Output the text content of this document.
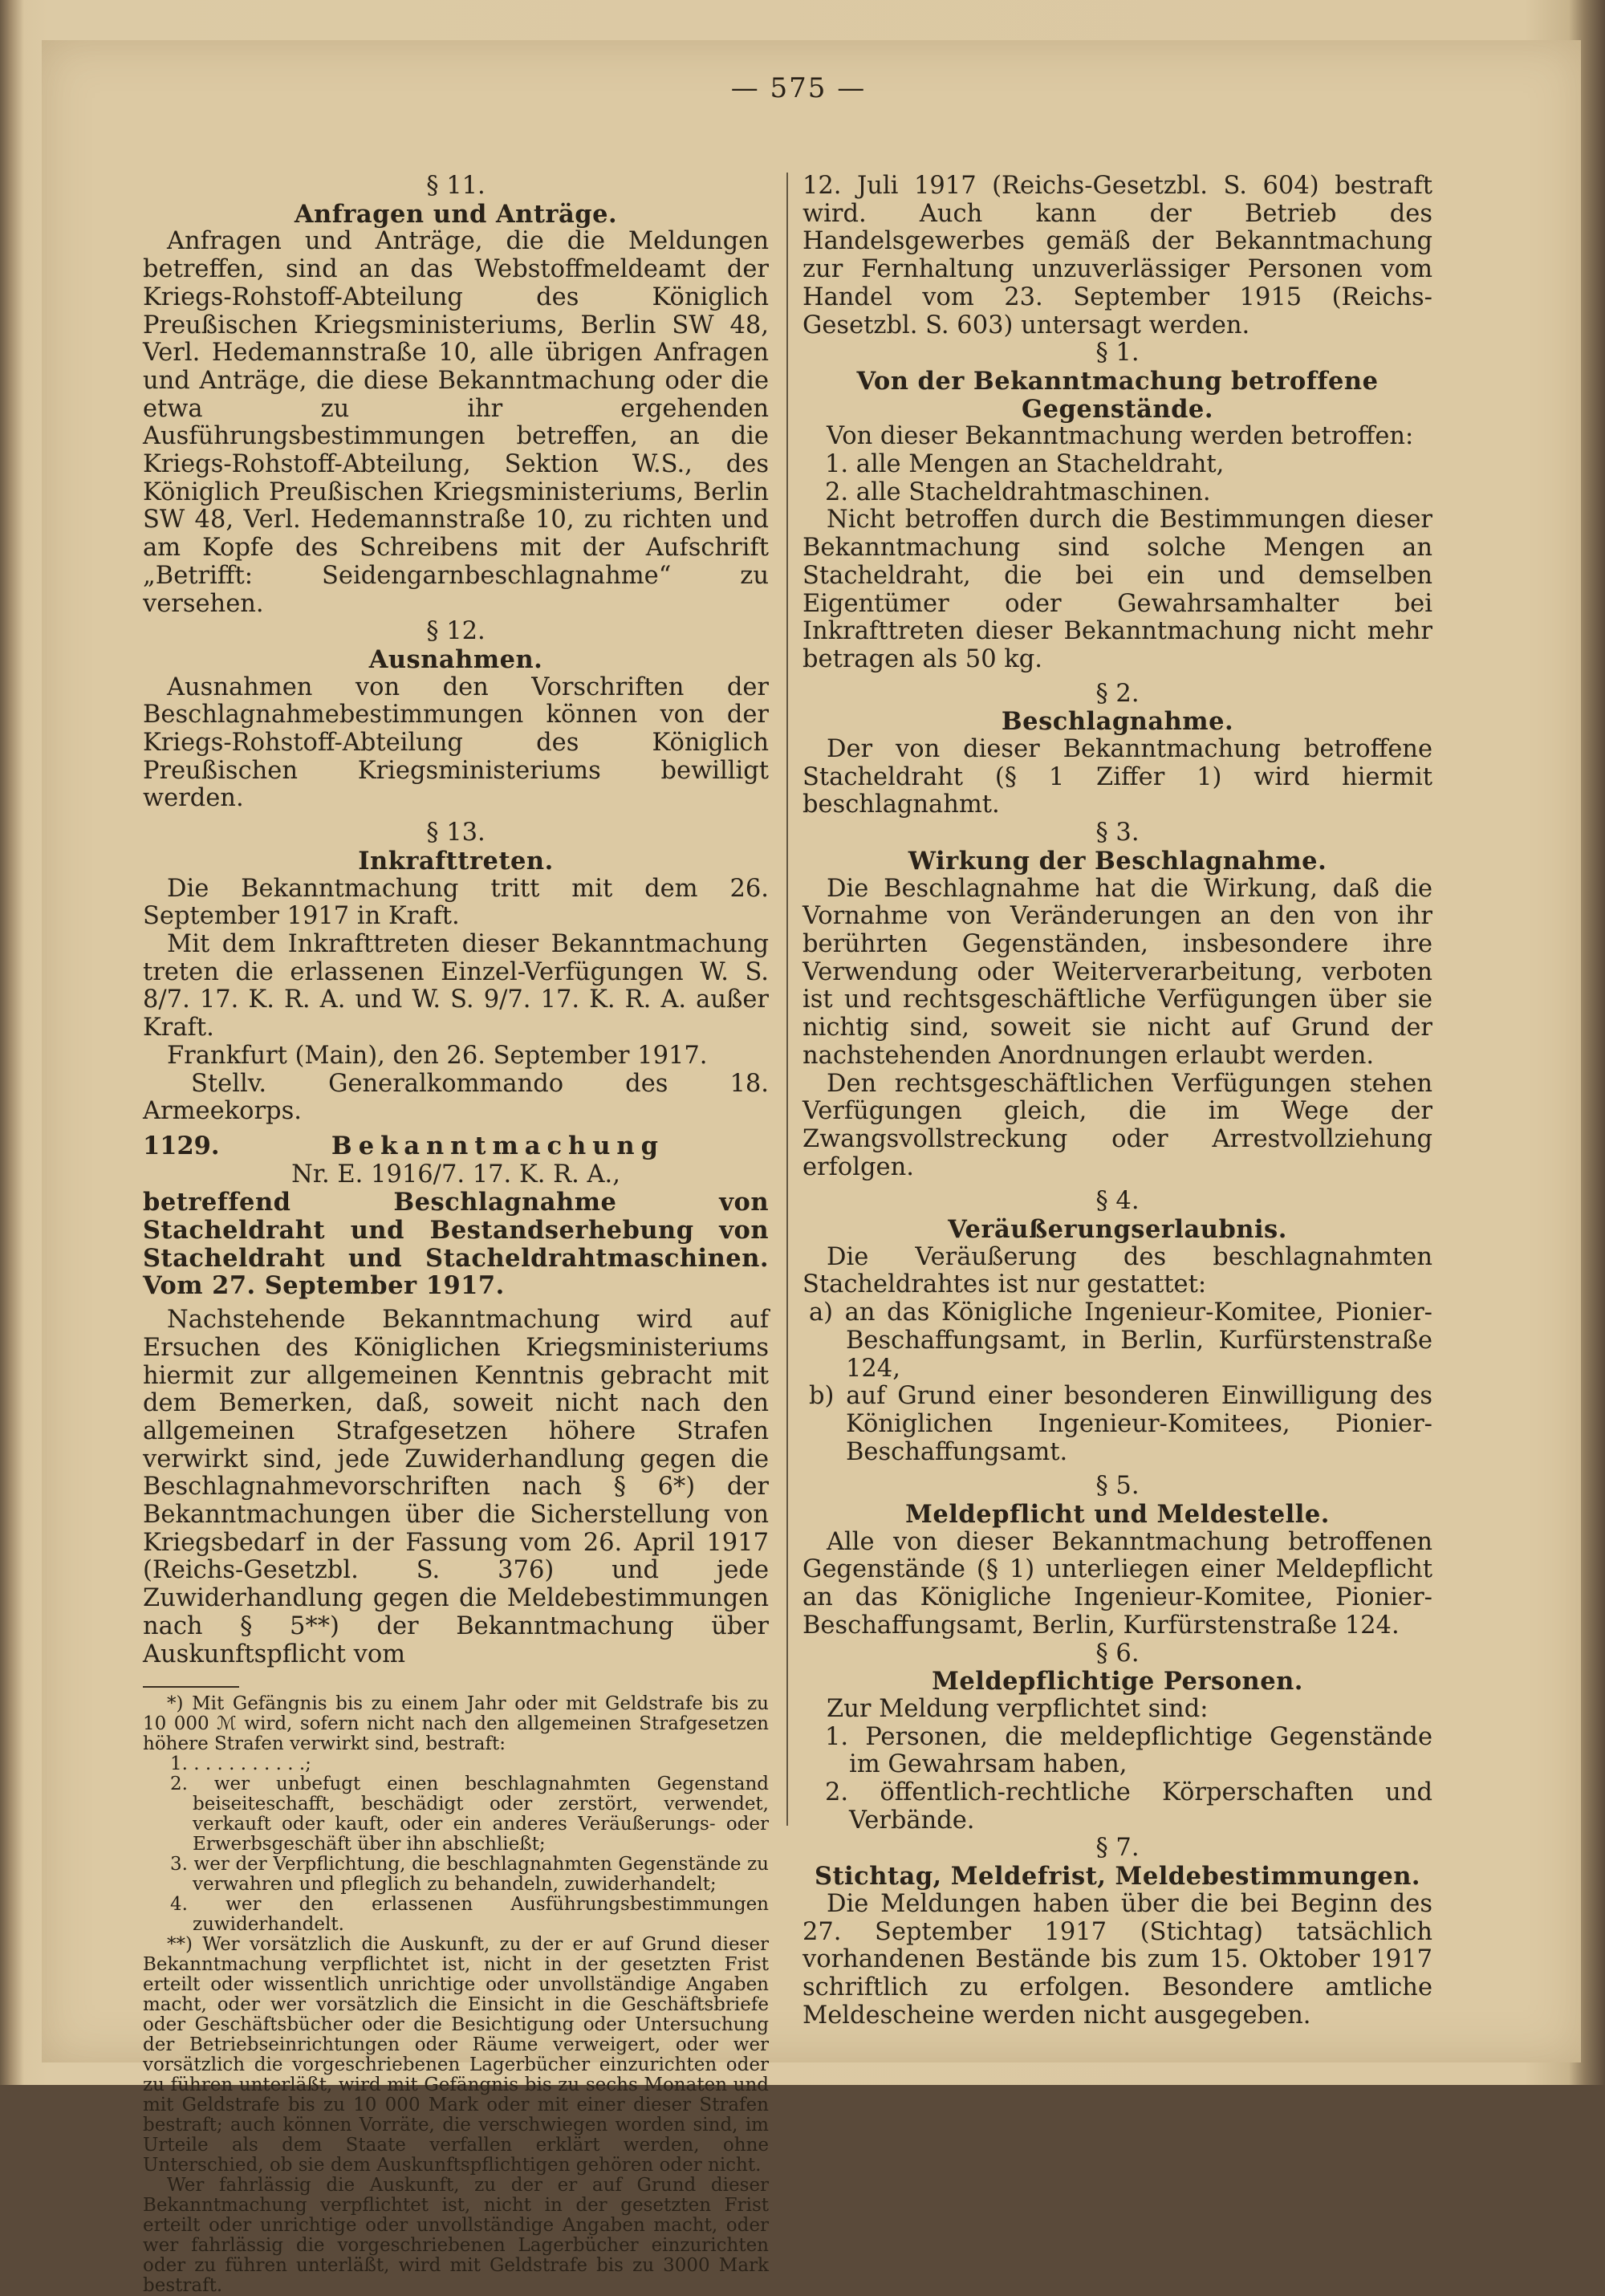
— 575 —

§ 11.

Anfragen und Anträge.

Anfragen und Anträge, die die Meldungen betreffen, sind an das Webstoffmeldeamt der Kriegs-Rohstoff-Abteilung des Königlich Preußischen Kriegsministeriums, Berlin SW 48, Verl. Hedemannstraße 10, alle übrigen Anfragen und Anträge, die diese Bekanntmachung oder die etwa zu ihr ergehenden Ausführungsbestimmungen betreffen, an die Kriegs-Rohstoff-Abteilung, Sektion W.S., des Königlich Preußischen Kriegsministeriums, Berlin SW 48, Verl. Hedemannstraße 10, zu richten und am Kopfe des Schreibens mit der Aufschrift „Betrifft: Seidengarnbeschlagnahme“ zu versehen.

§ 12.

Ausnahmen.

Ausnahmen von den Vorschriften der Beschlagnahmebestimmungen können von der Kriegs-Rohstoff-Abteilung des Königlich Preußischen Kriegsministeriums bewilligt werden.

§ 13.

Inkrafttreten.

Die Bekanntmachung tritt mit dem 26. September 1917 in Kraft.

Mit dem Inkrafttreten dieser Bekanntmachung treten die erlassenen Einzel-Verfügungen W. S. 8/7. 17. K. R. A. und W. S. 9/7. 17. K. R. A. außer Kraft.

Frankfurt (Main), den 26. September 1917.

Stellv. Generalkommando des 18. Armeekorps.

1129.	Bekanntmachung

Nr. E. 1916/7. 17. K. R. A.,

betreffend Beschlagnahme von Stacheldraht und Bestandserhebung von Stacheldraht und Stacheldrahtmaschinen. Vom 27. September 1917.

Nachstehende Bekanntmachung wird auf Ersuchen des Königlichen Kriegsministeriums hiermit zur allgemeinen Kenntnis gebracht mit dem Bemerken, daß, soweit nicht nach den allgemeinen Strafgesetzen höhere Strafen verwirkt sind, jede Zuwiderhandlung gegen die Beschlagnahmevorschriften nach § 6*) der Bekanntmachungen über die Sicherstellung von Kriegsbedarf in der Fassung vom 26. April 1917 (Reichs-Gesetzbl. S. 376) und jede Zuwiderhandlung gegen die Meldebestimmungen nach § 5**) der Bekanntmachung über Auskunftspflicht vom

*) Mit Gefängnis bis zu einem Jahr oder mit Geldstrafe bis zu 10 000 ℳ wird, sofern nicht nach den allgemeinen Strafgesetzen höhere Strafen verwirkt sind, bestraft:

1. . . . . . . . . . .;

2. wer unbefugt einen beschlagnahmten Gegenstand beiseiteschafft, beschädigt oder zerstört, verwendet, verkauft oder kauft, oder ein anderes Veräußerungs- oder Erwerbsgeschäft über ihn abschließt;

3. wer der Verpflichtung, die beschlagnahmten Gegenstände zu verwahren und pfleglich zu behandeln, zuwiderhandelt;

4. wer den erlassenen Ausführungsbestimmungen zuwiderhandelt.

**) Wer vorsätzlich die Auskunft, zu der er auf Grund dieser Bekanntmachung verpflichtet ist, nicht in der gesetzten Frist erteilt oder wissentlich unrichtige oder unvollständige Angaben macht, oder wer vorsätzlich die Einsicht in die Geschäftsbriefe oder Geschäftsbücher oder die Besichtigung oder Untersuchung der Betriebseinrichtungen oder Räume verweigert, oder wer vorsätzlich die vorgeschriebenen Lagerbücher einzurichten oder zu führen unterläßt, wird mit Gefängnis bis zu sechs Monaten und mit Geldstrafe bis zu 10 000 Mark oder mit einer dieser Strafen bestraft; auch können Vorräte, die verschwiegen worden sind, im Urteile als dem Staate verfallen erklärt werden, ohne Unterschied, ob sie dem Auskunftspflichtigen gehören oder nicht.

Wer fahrlässig die Auskunft, zu der er auf Grund dieser Bekanntmachung verpflichtet ist, nicht in der gesetzten Frist erteilt oder unrichtige oder unvollständige Angaben macht, oder wer fahrlässig die vorgeschriebenen Lagerbücher einzurichten oder zu führen unterläßt, wird mit Geldstrafe bis zu 3000 Mark bestraft.

12. Juli 1917 (Reichs-Gesetzbl. S. 604) bestraft wird. Auch kann der Betrieb des Handelsgewerbes gemäß der Bekanntmachung zur Fernhaltung unzuverlässiger Personen vom Handel vom 23. September 1915 (Reichs-Gesetzbl. S. 603) untersagt werden.

§ 1.

Von der Bekanntmachung betroffene Gegenstände.

Von dieser Bekanntmachung werden betroffen:

1. alle Mengen an Stacheldraht,

2. alle Stacheldrahtmaschinen.

Nicht betroffen durch die Bestimmungen dieser Bekanntmachung sind solche Mengen an Stacheldraht, die bei ein und demselben Eigentümer oder Gewahrsamhalter bei Inkrafttreten dieser Bekanntmachung nicht mehr betragen als 50 kg.

§ 2.

Beschlagnahme.

Der von dieser Bekanntmachung betroffene Stacheldraht (§ 1 Ziffer 1) wird hiermit beschlagnahmt.

§ 3.

Wirkung der Beschlagnahme.

Die Beschlagnahme hat die Wirkung, daß die Vornahme von Veränderungen an den von ihr berührten Gegenständen, insbesondere ihre Verwendung oder Weiterverarbeitung, verboten ist und rechtsgeschäftliche Verfügungen über sie nichtig sind, soweit sie nicht auf Grund der nachstehenden Anordnungen erlaubt werden.

Den rechtsgeschäftlichen Verfügungen stehen Verfügungen gleich, die im Wege der Zwangsvollstreckung oder Arrestvollziehung erfolgen.

§ 4.

Veräußerungserlaubnis.

Die Veräußerung des beschlagnahmten Stacheldrahtes ist nur gestattet:

a) an das Königliche Ingenieur-Komitee, Pionier-Beschaffungsamt, in Berlin, Kurfürstenstraße 124,

b) auf Grund einer besonderen Einwilligung des Königlichen Ingenieur-Komitees, Pionier-Beschaffungsamt.

§ 5.

Meldepflicht und Meldestelle.

Alle von dieser Bekanntmachung betroffenen Gegenstände (§ 1) unterliegen einer Meldepflicht an das Königliche Ingenieur-Komitee, Pionier-Beschaffungsamt, Berlin, Kurfürstenstraße 124.

§ 6.

Meldepflichtige Personen.

Zur Meldung verpflichtet sind:

1. Personen, die meldepflichtige Gegenstände im Gewahrsam haben,

2. öffentlich-rechtliche Körperschaften und Verbände.

§ 7.

Stichtag, Meldefrist, Meldebestimmungen.

Die Meldungen haben über die bei Beginn des 27. September 1917 (Stichtag) tatsächlich vorhandenen Bestände bis zum 15. Oktober 1917 schriftlich zu erfolgen. Besondere amtliche Meldescheine werden nicht ausgegeben.
